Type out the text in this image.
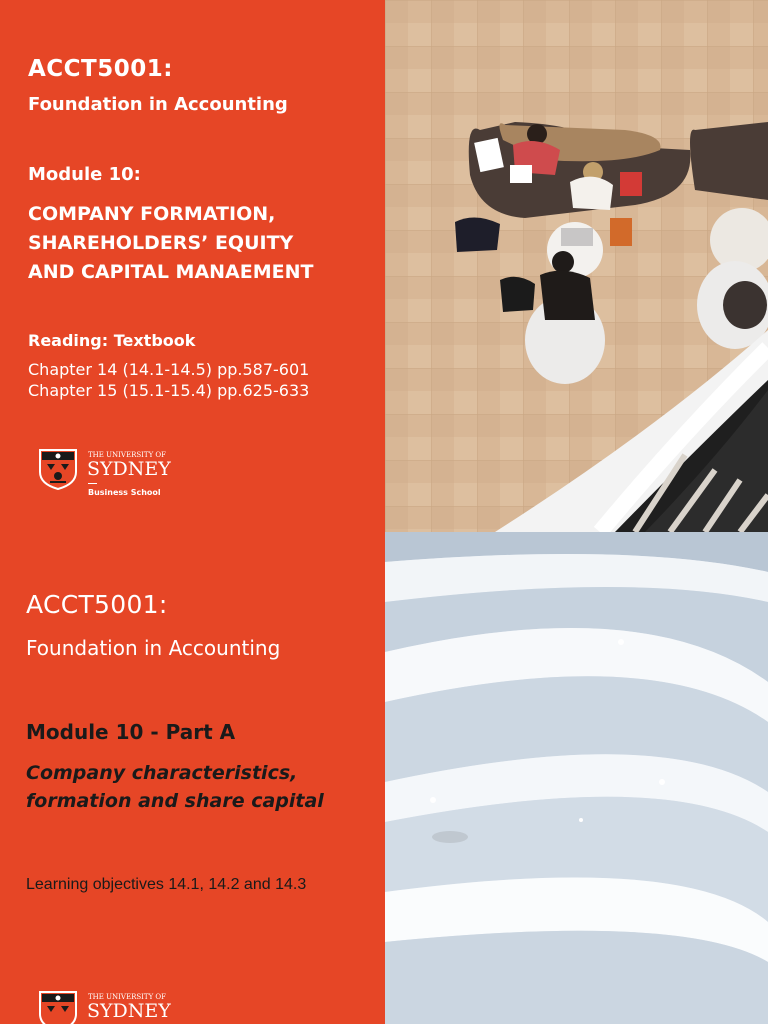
ACCT5001:
Foundation in Accounting
Module 10:
COMPANY FORMATION,
SHAREHOLDERS’ EQUITY
AND CAPITAL MANAEMENT
Reading: Textbook
Chapter 14 (14.1-14.5) pp.587-601
Chapter 15 (15.1-15.4) pp.625-633
THE UNIVERSITY OF
SYDNEY
Business School
ACCT5001:
Foundation in Accounting
Module 10 - Part A
Company characteristics,
formation and share capital
Learning objectives 14.1, 14.2 and 14.3
THE UNIVERSITY OF
SYDNEY
